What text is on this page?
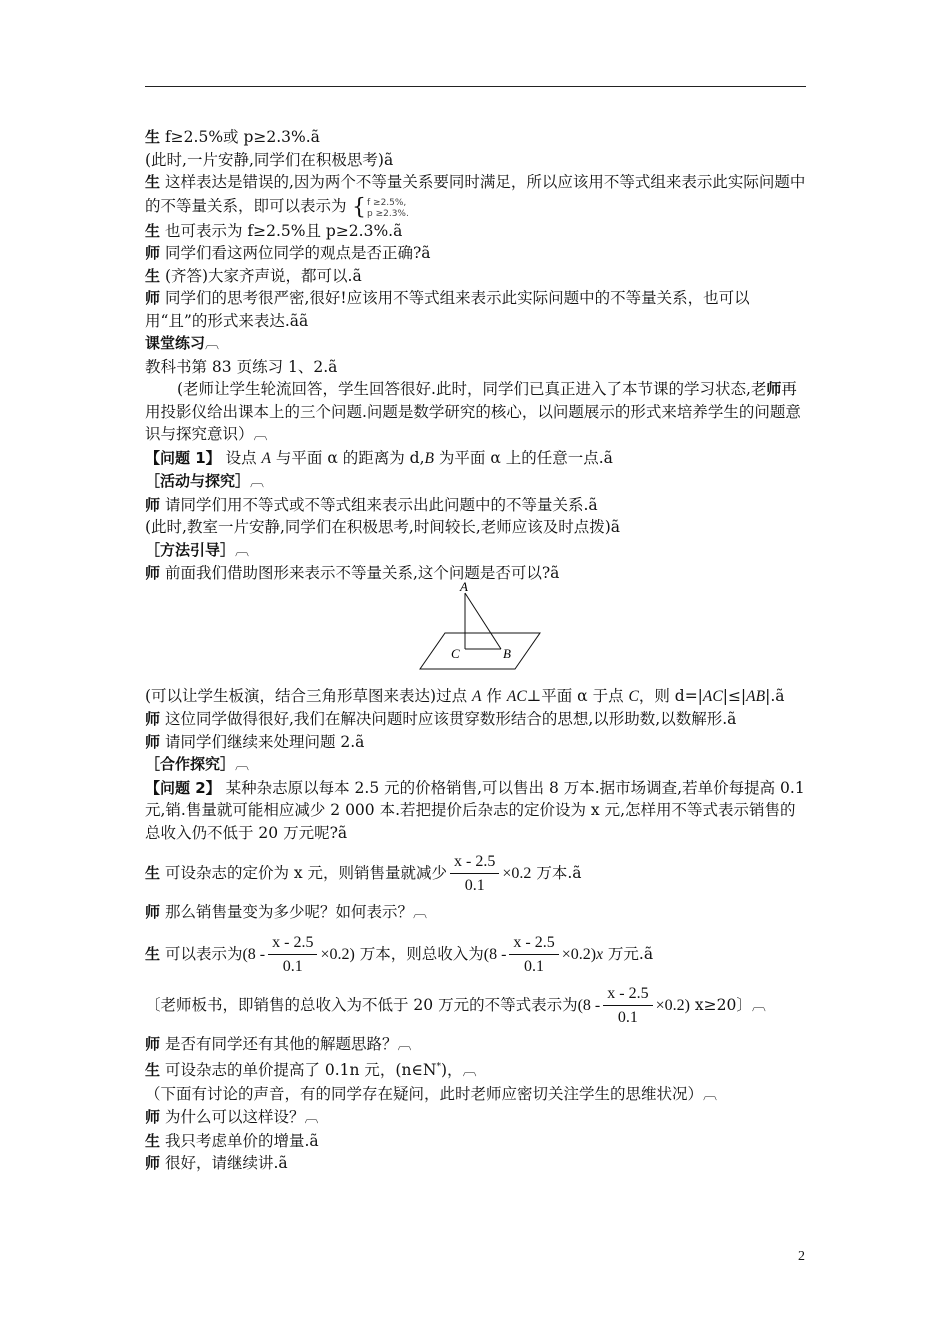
生 f≥2.5%或 p≥2.3%.ã

(此时,一片安静,同学们在积极思考)ã

生 这样表达是错误的,因为两个不等量关系要同时满足，所以应该用不等式组来表示此实际问题中的不等量关系，即可以表示为 { f ≥2.5%,
p ≥2.3%.

生 也可表示为 f≥2.5%且 p≥2.3%.ã

师 同学们看这两位同学的观点是否正确?ã

生 (齐答)大家齐声说，都可以.ã

师 同学们的思考很严密,很好!应该用不等式组来表示此实际问题中的不等量关系，也可以用“且”的形式来表达.ãã

课堂练习︹

教科书第 83 页练习 1、2.ã

(老师让学生轮流回答，学生回答很好.此时，同学们已真正进入了本节课的学习状态,老师再用投影仪给出课本上的三个问题.问题是数学研究的核心，以问题展示的形式来培养学生的问题意识与探究意识）︹

【问题 1】 设点 A 与平面 α 的距离为 d,B 为平面 α 上的任意一点.ã

［活动与探究］︹

师 请同学们用不等式或不等式组来表示出此问题中的不等量关系.ã

(此时,教室一片安静,同学们在积极思考,时间较长,老师应该及时点拨)ã

［方法引导］︹

师 前面我们借助图形来表示不等量关系,这个问题是否可以?ã

A
C	B

(可以让学生板演，结合三角形草图来表达)过点 A 作 AC⊥平面 α 于点 C，则 d=|AC|≤|AB|.ã

师 这位同学做得很好,我们在解决问题时应该贯穿数形结合的思想,以形助数,以数解形.ã

师 请同学们继续来处理问题 2.ã

［合作探究］︹

【问题 2】 某种杂志原以每本 2.5 元的价格销售,可以售出 8 万本.据市场调查,若单价每提高 0.1 元,销.售量就可能相应减少 2 000 本.若把提价后杂志的定价设为 x 元,怎样用不等式表示销售的总收入仍不低于 20 万元呢?ã

生 可设杂志的定价为 x 元，则销售量就减少 $\frac{x - 2.5}{0.1} \times 0.2$ 万本.ã

师 那么销售量变为多少呢？如何表示？︹

生 可以表示为$(8 - \frac{x - 2.5}{0.1} \times 0.2)$ 万本，则总收入为$(8 - \frac{x - 2.5}{0.1} \times 0.2)x$ 万元.ã

〔老师板书，即销售的总收入为不低于 20 万元的不等式表示为$(8 - \frac{x - 2.5}{0.1} \times 0.2)$ x≥20〕︹

师 是否有同学还有其他的解题思路？︹

生 可设杂志的单价提高了 0.1n 元，(n∈N*)，︹

（下面有讨论的声音，有的同学存在疑问，此时老师应密切关注学生的思维状况）︹

师 为什么可以这样设？︹

生 我只考虑单价的增量.ã

师 很好，请继续讲.ã

2
